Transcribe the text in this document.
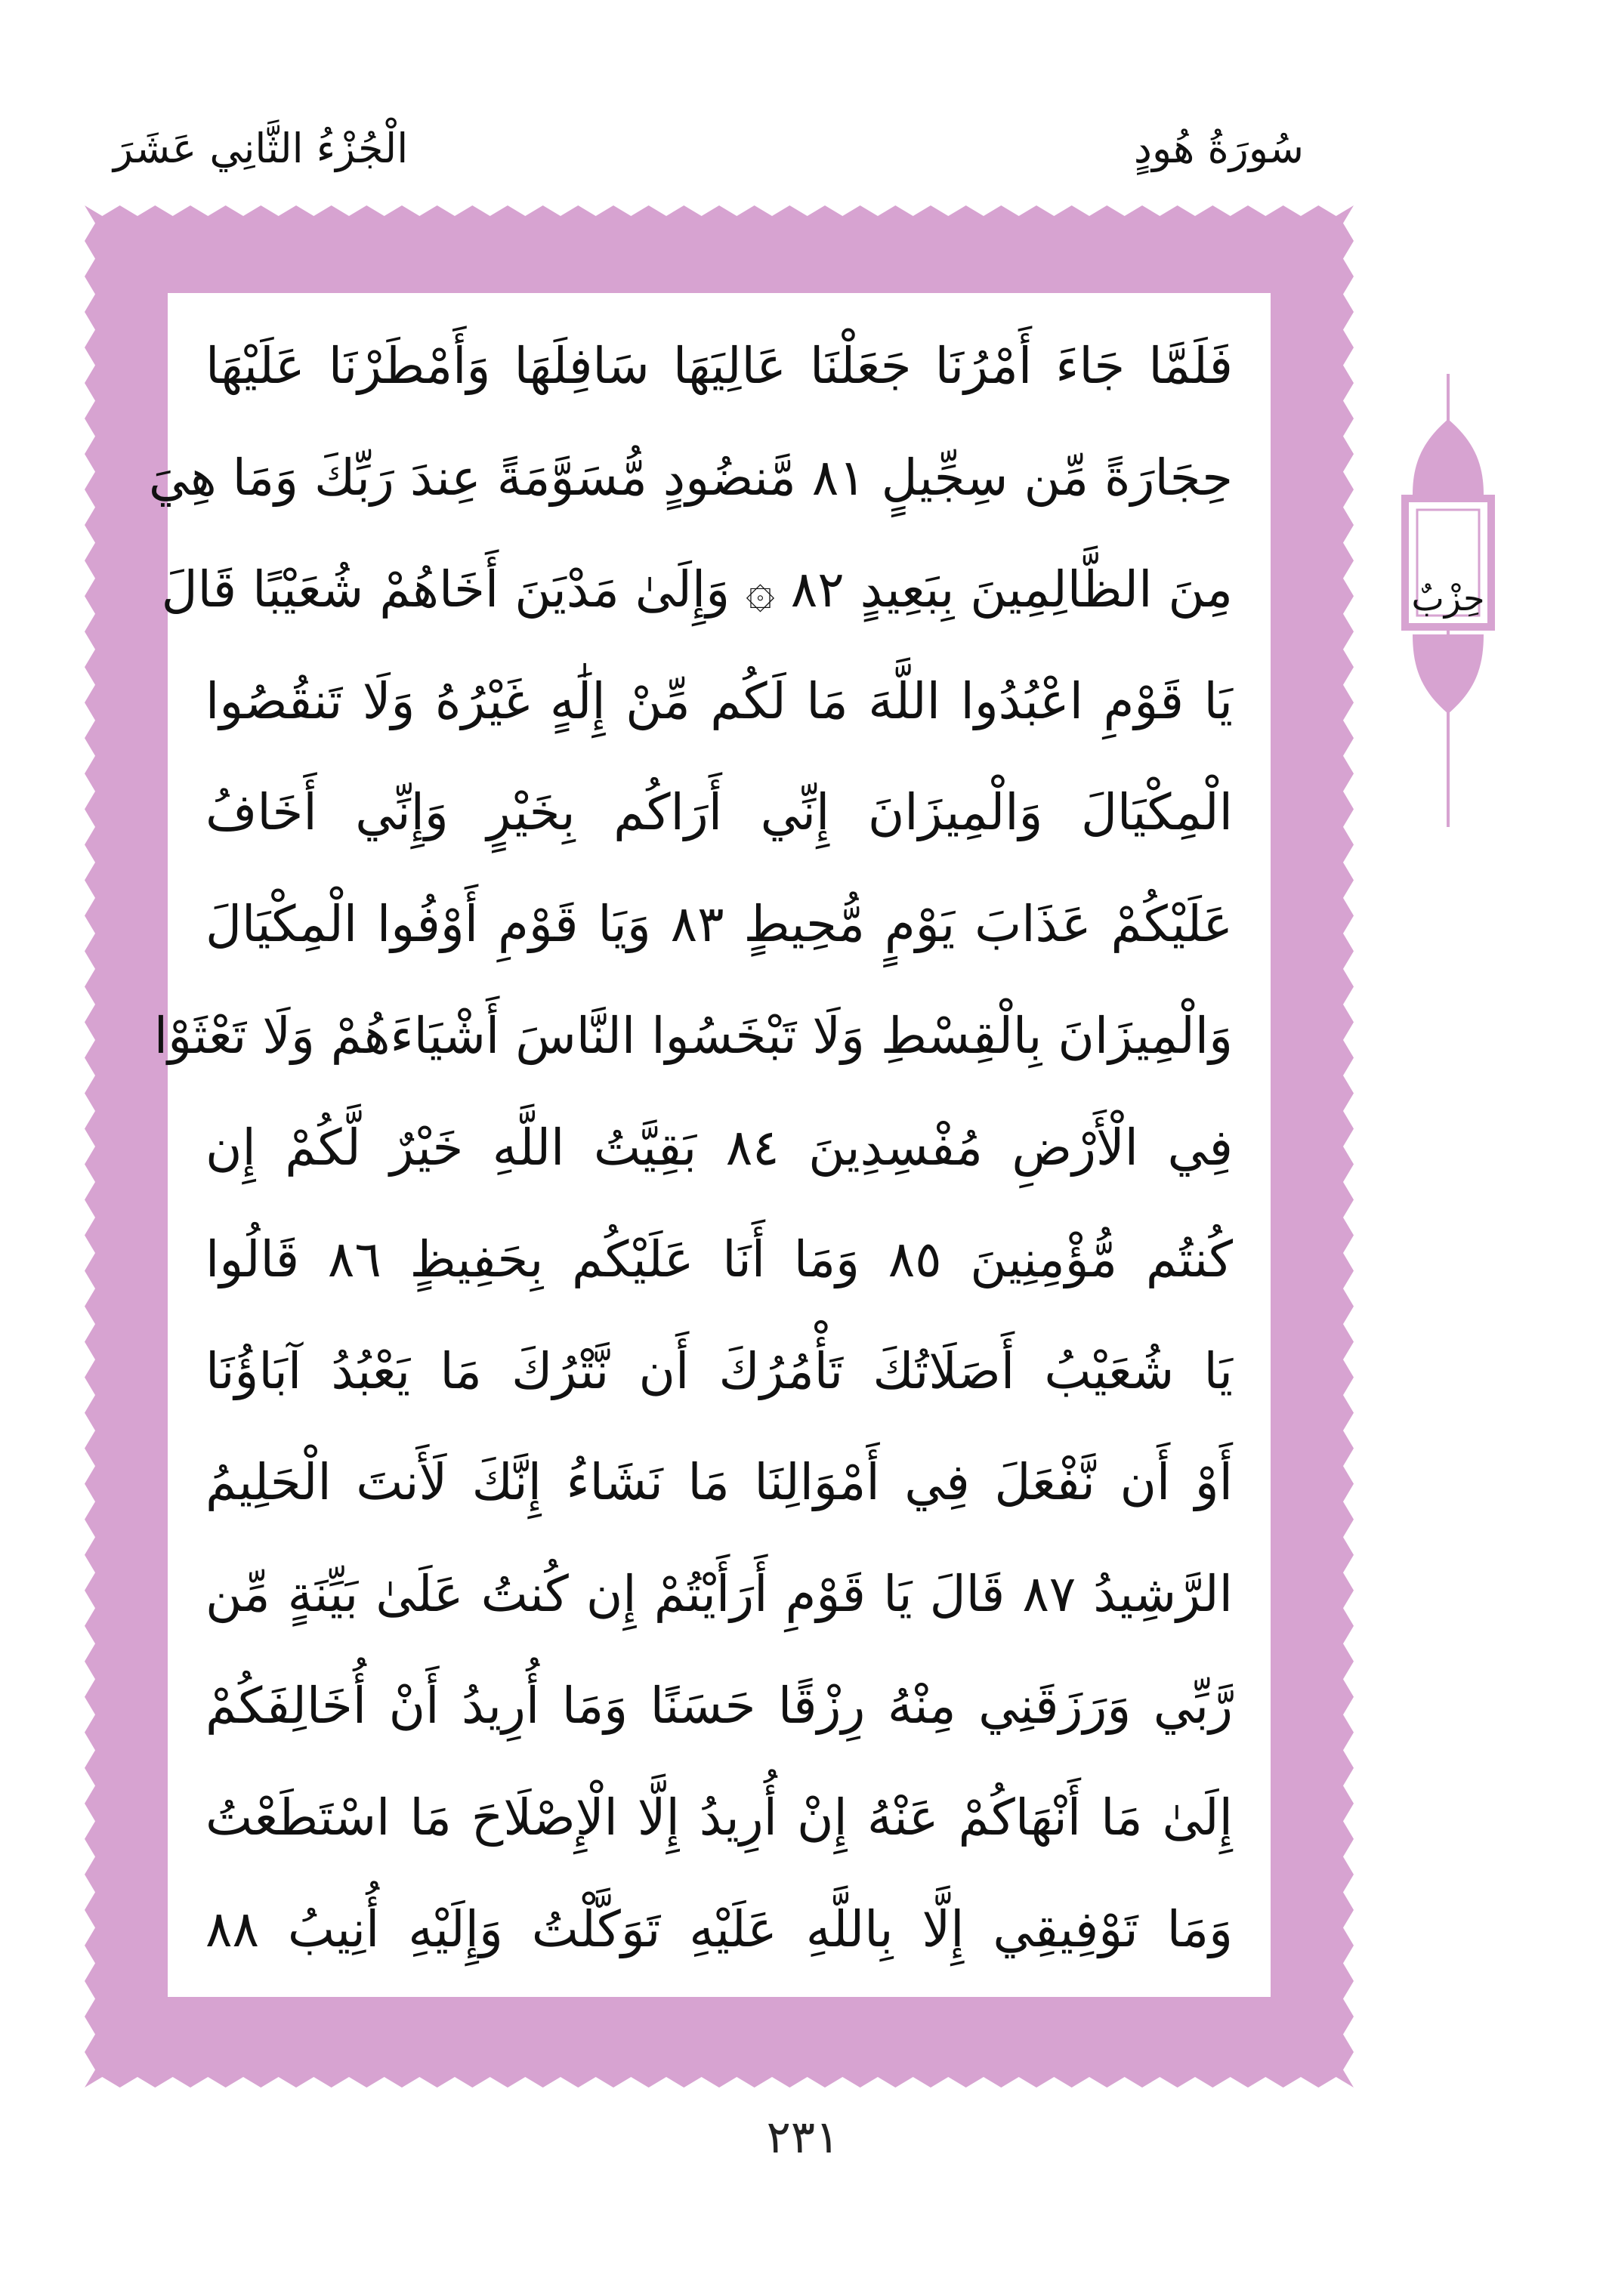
سُورَةُ هُودٍ
الْجُزْءُ الثَّانِي عَشَرَ
فَلَمَّا جَاءَ أَمْرُنَا جَعَلْنَا عَالِيَهَا سَافِلَهَا وَأَمْطَرْنَا عَلَيْهَا
حِجَارَةً مِّن سِجِّيلٍ ٨١ مَّنضُودٍ مُّسَوَّمَةً عِندَ رَبِّكَ وَمَا هِيَ
مِنَ الظَّالِمِينَ بِبَعِيدٍ ٨٢ ۞ وَإِلَىٰ مَدْيَنَ أَخَاهُمْ شُعَيْبًا قَالَ
يَا قَوْمِ اعْبُدُوا اللَّهَ مَا لَكُم مِّنْ إِلَٰهٍ غَيْرُهُ وَلَا تَنقُصُوا
الْمِكْيَالَ وَالْمِيزَانَ إِنِّي أَرَاكُم بِخَيْرٍ وَإِنِّي أَخَافُ
عَلَيْكُمْ عَذَابَ يَوْمٍ مُّحِيطٍ ٨٣ وَيَا قَوْمِ أَوْفُوا الْمِكْيَالَ
وَالْمِيزَانَ بِالْقِسْطِ وَلَا تَبْخَسُوا النَّاسَ أَشْيَاءَهُمْ وَلَا تَعْثَوْا
فِي الْأَرْضِ مُفْسِدِينَ ٨٤ بَقِيَّتُ اللَّهِ خَيْرٌ لَّكُمْ إِن
كُنتُم مُّؤْمِنِينَ ٨٥ وَمَا أَنَا عَلَيْكُم بِحَفِيظٍ ٨٦ قَالُوا
يَا شُعَيْبُ أَصَلَاتُكَ تَأْمُرُكَ أَن نَّتْرُكَ مَا يَعْبُدُ آبَاؤُنَا
أَوْ أَن نَّفْعَلَ فِي أَمْوَالِنَا مَا نَشَاءُ إِنَّكَ لَأَنتَ الْحَلِيمُ
الرَّشِيدُ ٨٧ قَالَ يَا قَوْمِ أَرَأَيْتُمْ إِن كُنتُ عَلَىٰ بَيِّنَةٍ مِّن
رَّبِّي وَرَزَقَنِي مِنْهُ رِزْقًا حَسَنًا وَمَا أُرِيدُ أَنْ أُخَالِفَكُمْ
إِلَىٰ مَا أَنْهَاكُمْ عَنْهُ إِنْ أُرِيدُ إِلَّا الْإِصْلَاحَ مَا اسْتَطَعْتُ
وَمَا تَوْفِيقِي إِلَّا بِاللَّهِ عَلَيْهِ تَوَكَّلْتُ وَإِلَيْهِ أُنِيبُ ٨٨
حِزْبٌ
٢٣١
